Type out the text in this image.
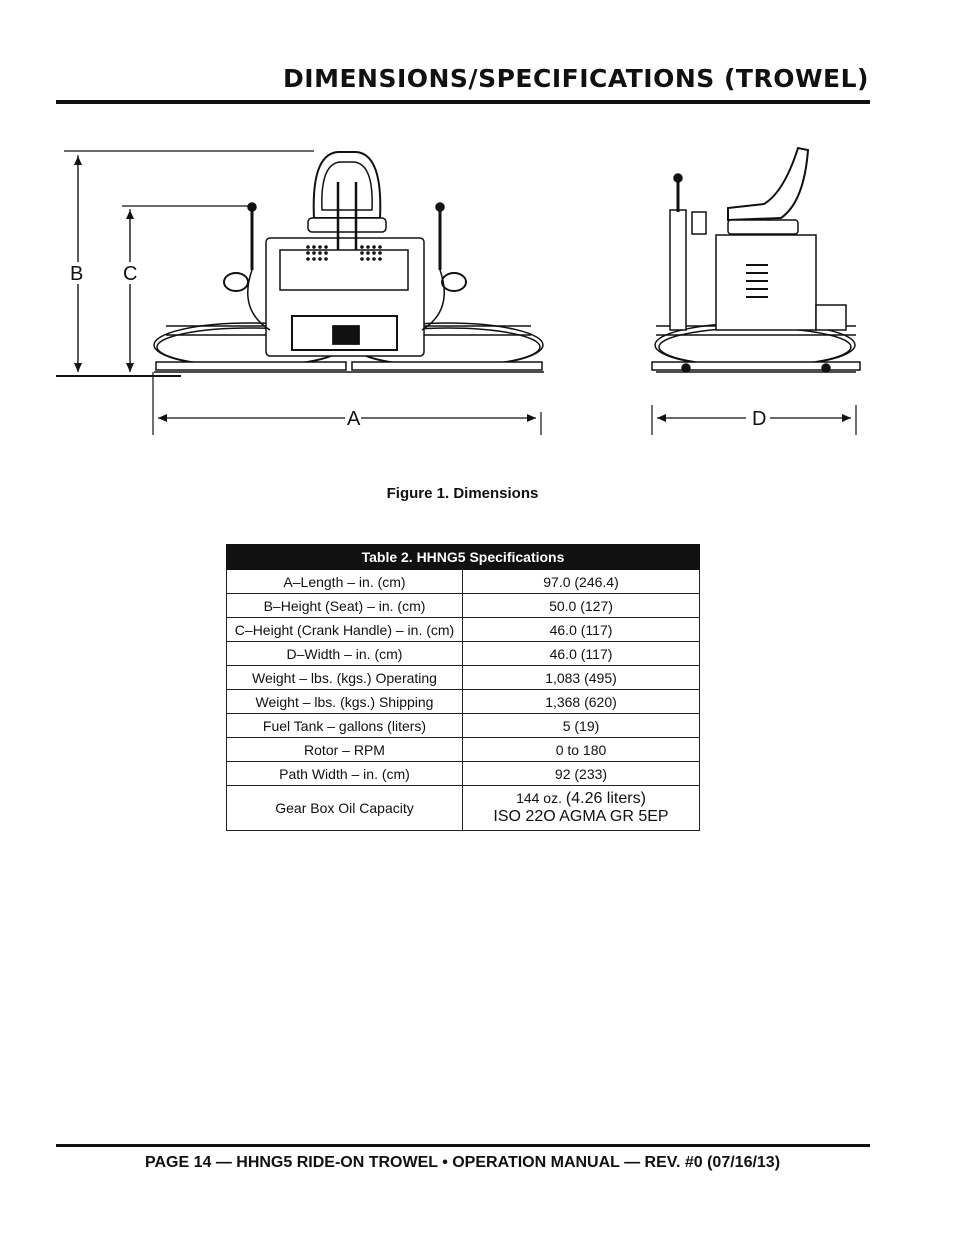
DIMENSIONS/SPECIFICATIONS (TROWEL)
B C
A	D
Figure 1. Dimensions
Table 2. HHNG5 Specifications	
A–Length – in. (cm)	97.0 (246.4)
B–Height (Seat) – in. (cm)	50.0 (127)
C–Height (Crank Handle) – in. (cm)	46.0 (117)
D–Width – in. (cm)	46.0 (117)
Weight – lbs. (kgs.) Operating	1,083 (495)
Weight – lbs. (kgs.) Shipping	1,368 (620)
Fuel Tank – gallons (liters)	5 (19)
Rotor – RPM	0 to 180
Path Width – in. (cm)	92 (233)
Gear Box Oil Capacity	144 oz. (4.26 liters)
ISO 22O AGMA GR 5EP
PAGE 14 — HHNG5 RIDE-ON TROWEL • OPERATION MANUAL — REV. #0 (07/16/13)
